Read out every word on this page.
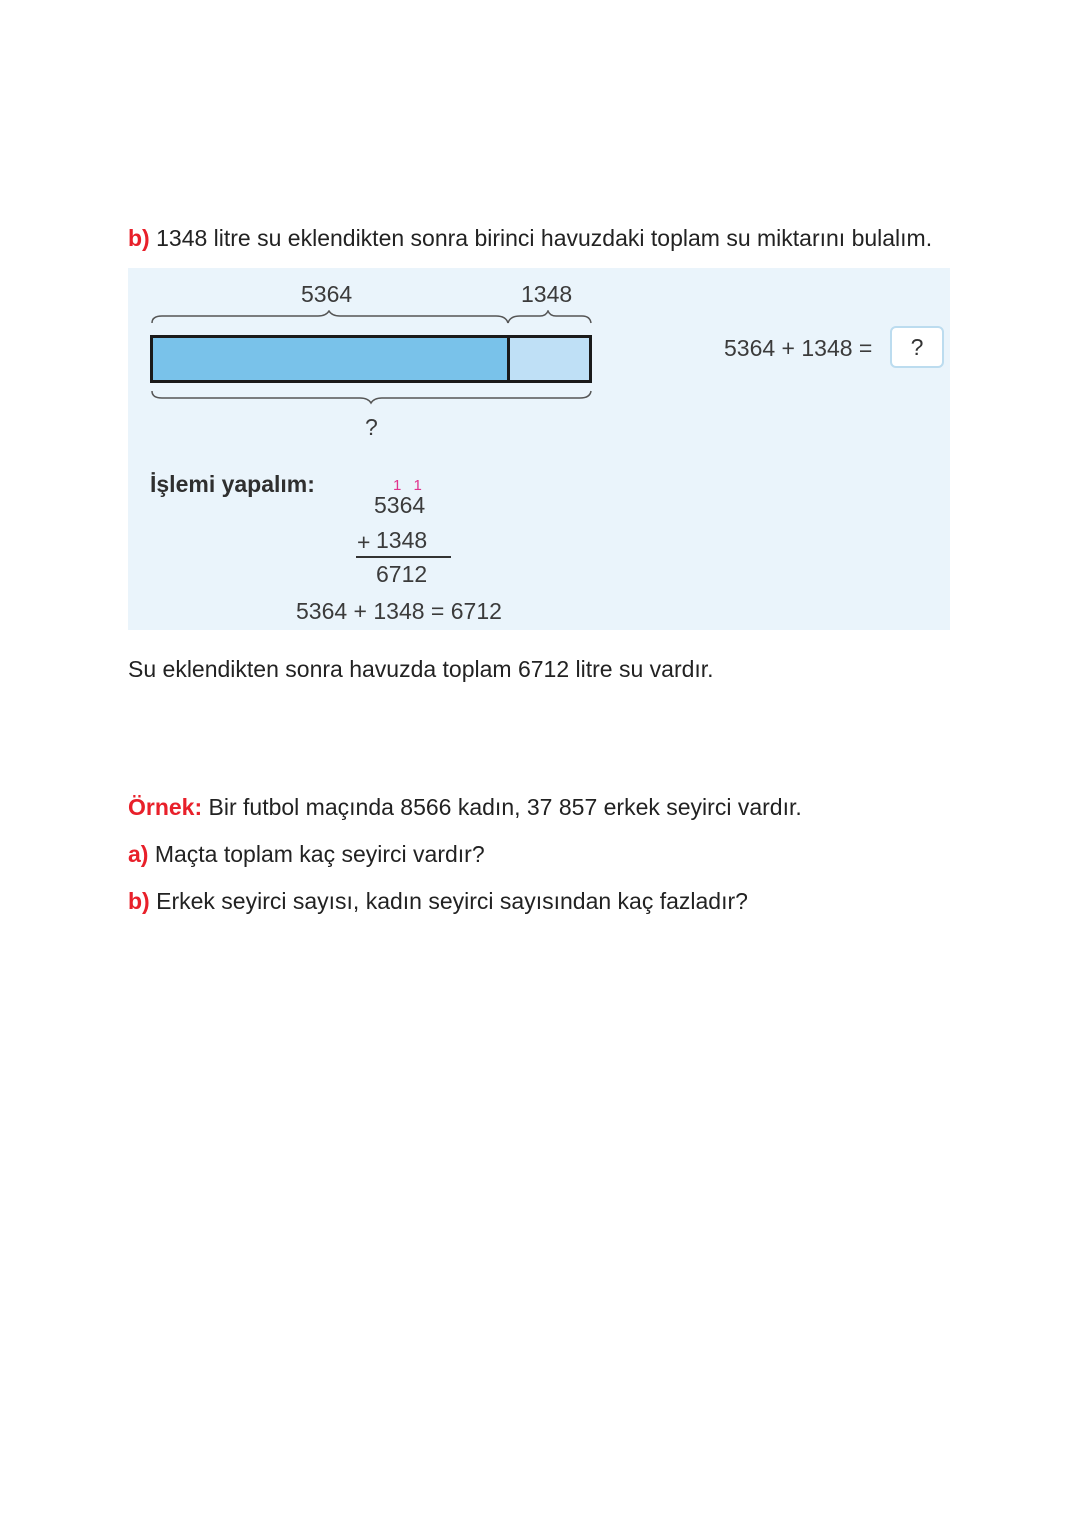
b) 1348 litre su eklendikten sonra birinci havuzdaki toplam su miktarını bulalım.
5364	1348
?
5364 + 1348 =	?
İşlemi yapalım:	1 1
5364
+ 1348
6712
5364 + 1348 = 6712
Su eklendikten sonra havuzda toplam 6712 litre su vardır.
Örnek: Bir futbol maçında 8566 kadın, 37 857 erkek seyirci vardır.
a) Maçta toplam kaç seyirci vardır?
b) Erkek seyirci sayısı, kadın seyirci sayısından kaç fazladır?
